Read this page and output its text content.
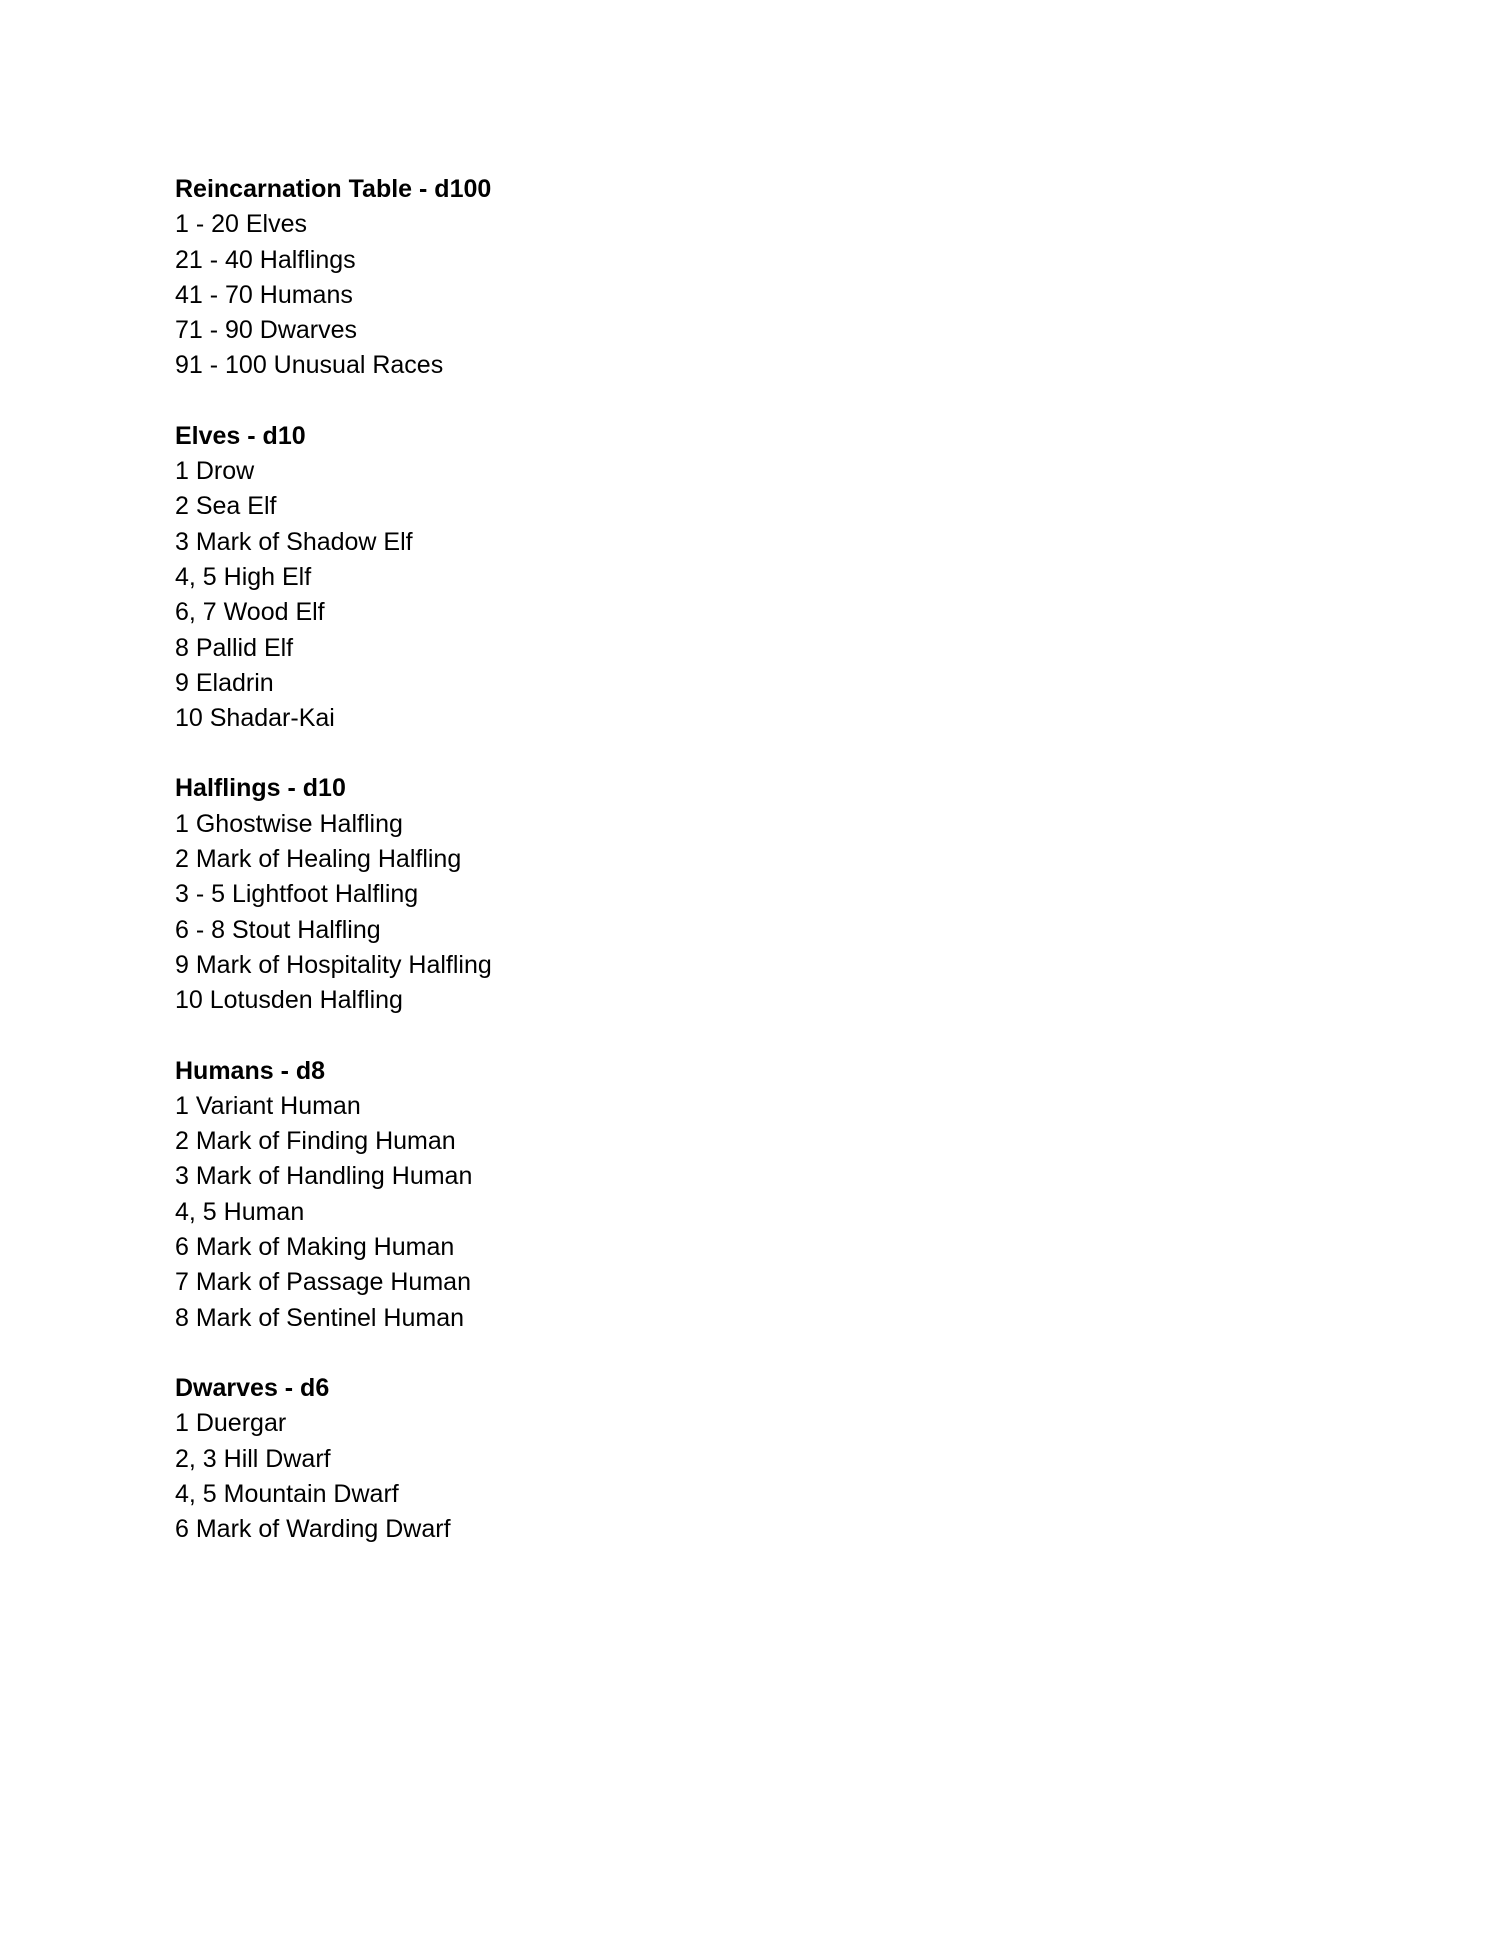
Reincarnation Table - d100
1 - 20 Elves
21 - 40 Halflings
41 - 70 Humans
71 - 90 Dwarves
91 - 100 Unusual Races
Elves - d10
1 Drow
2 Sea Elf
3 Mark of Shadow Elf
4, 5 High Elf
6, 7 Wood Elf
8 Pallid Elf
9 Eladrin
10 Shadar-Kai
Halflings - d10
1 Ghostwise Halfling
2 Mark of Healing Halfling
3 - 5 Lightfoot Halfling
6 - 8 Stout Halfling
9 Mark of Hospitality Halfling
10 Lotusden Halfling
Humans - d8
1 Variant Human
2 Mark of Finding Human
3 Mark of Handling Human
4, 5 Human
6 Mark of Making Human
7 Mark of Passage Human
8 Mark of Sentinel Human
Dwarves - d6
1 Duergar
2, 3 Hill Dwarf
4, 5 Mountain Dwarf
6 Mark of Warding Dwarf
